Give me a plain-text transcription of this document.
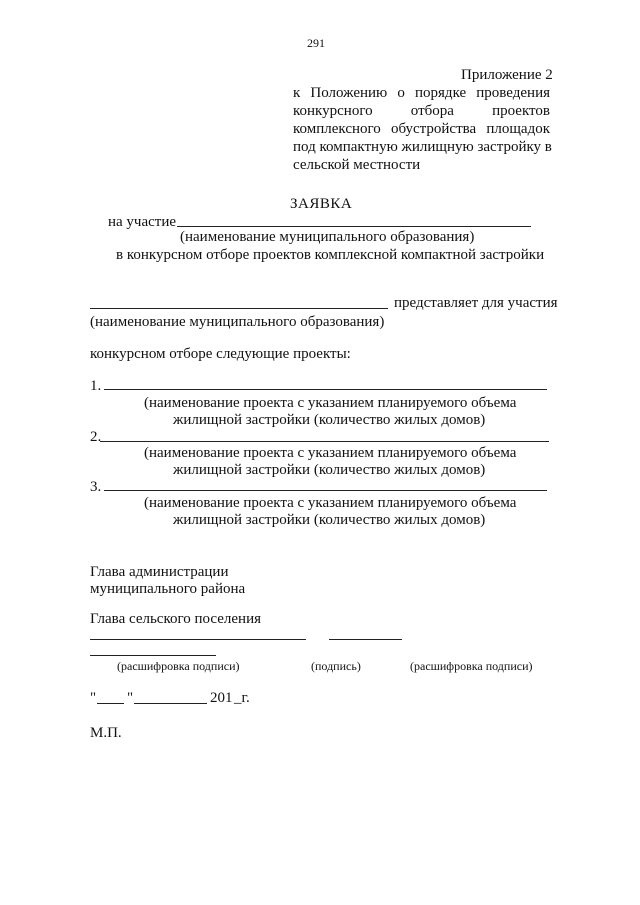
291
Приложение 2
к Положению о порядке проведения
конкурсного отбора проектов
комплексного обустройства площадок
под компактную жилищную застройку в
сельской местности
ЗАЯВКА
на участие
(наименование муниципального образования)
в конкурсном отборе проектов комплексной компактной застройки
представляет для участия
(наименование муниципального образования)
конкурсном отборе следующие проекты:
1.
(наименование проекта с указанием планируемого объема
жилищной застройки (количество жилых домов)
2.
(наименование проекта с указанием планируемого объема
жилищной застройки (количество жилых домов)
3.
(наименование проекта с указанием планируемого объема
жилищной застройки (количество жилых домов)
Глава администрации
муниципального района
Глава сельского поселения
(расшифровка подписи)	(подпись)	(расшифровка подписи)
" "	201 _г.
М.П.
